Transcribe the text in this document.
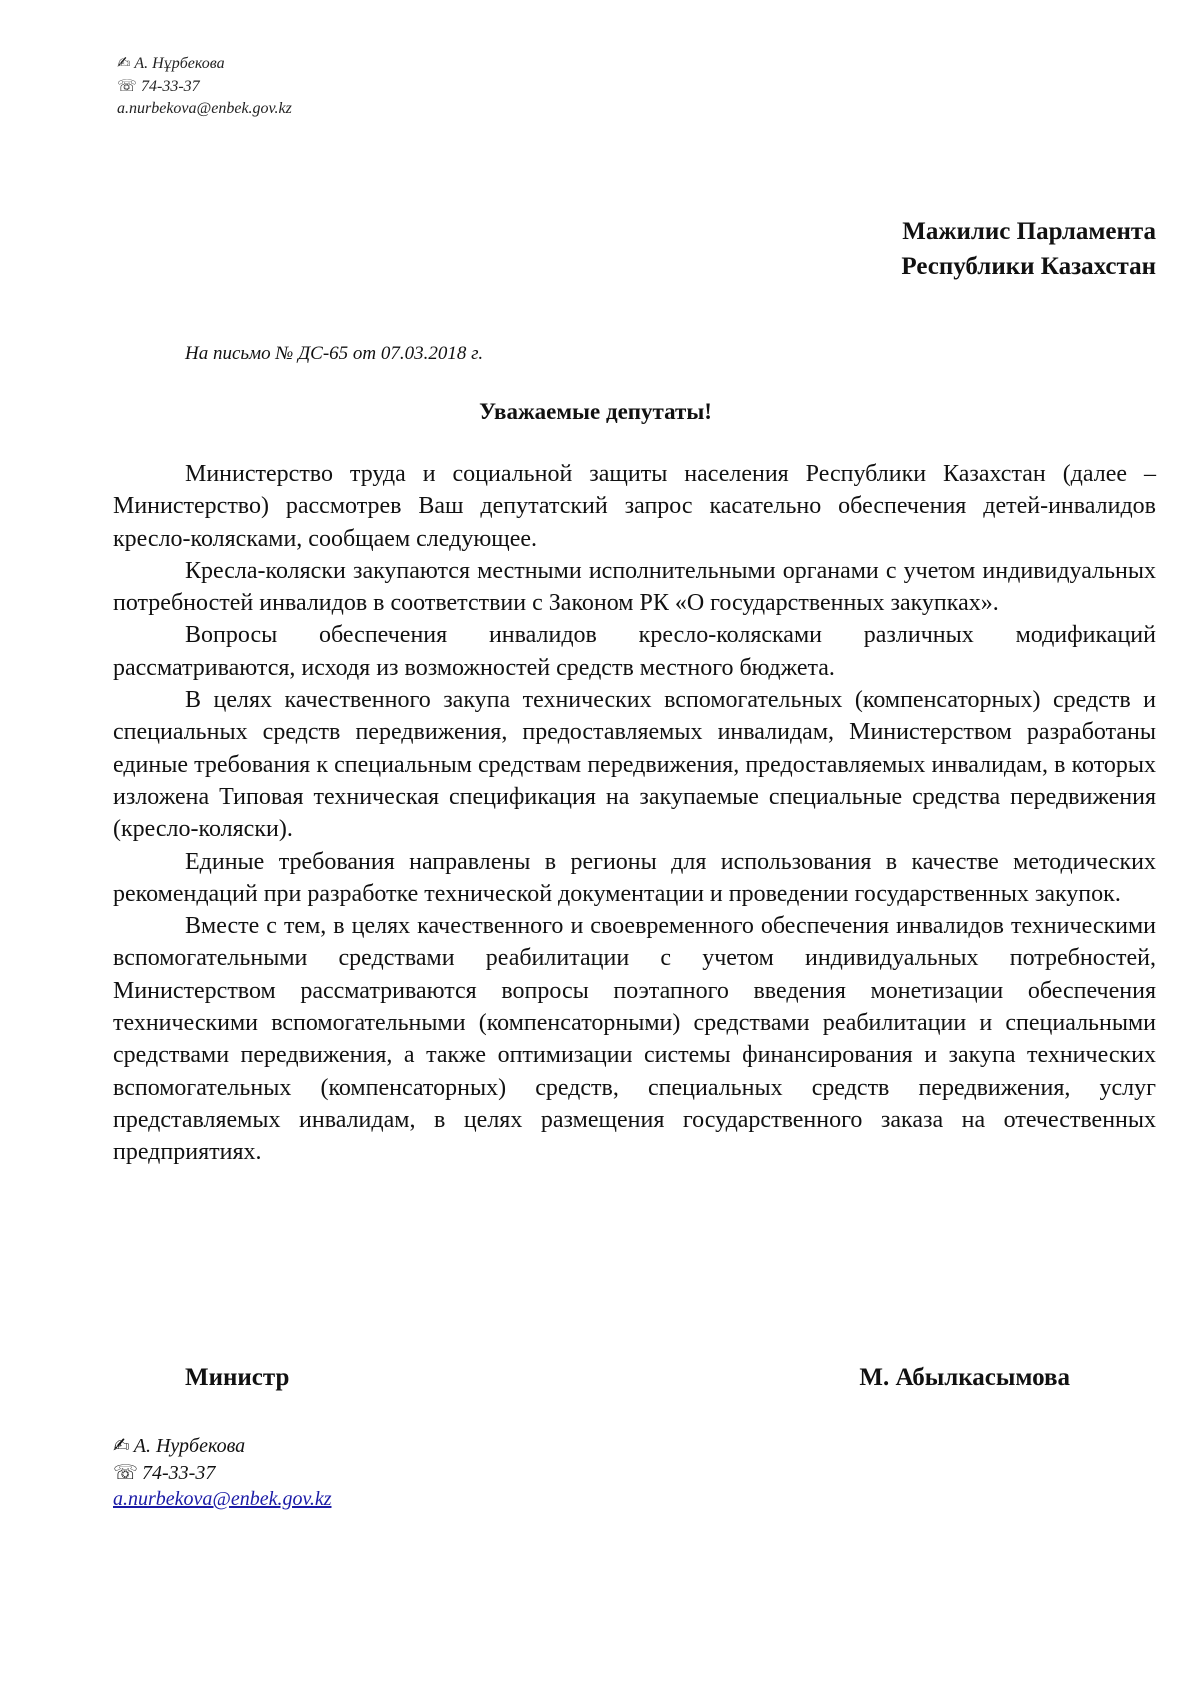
✍ А. Нұрбекова
☏ 74-33-37
a.nurbekova@enbek.gov.kz
Мажилис Парламента
Республики Казахстан
На письмо № ДС-65 от 07.03.2018 г.
Уважаемые депутаты!

Министерство труда и социальной защиты населения Республики Казахстан (далее – Министерство) рассмотрев Ваш депутатский запрос касательно обеспечения детей-инвалидов кресло-колясками, сообщаем следующее.

Кресла-коляски закупаются местными исполнительными органами с учетом индивидуальных потребностей инвалидов в соответствии с Законом РК «О государственных закупках».

Вопросы обеспечения инвалидов кресло-колясками различных модификаций рассматриваются, исходя из возможностей средств местного бюджета.

В целях качественного закупа технических вспомогательных (компенсаторных) средств и специальных средств передвижения, предоставляемых инвалидам, Министерством разработаны единые требования к специальным средствам передвижения, предоставляемых инвалидам, в которых изложена Типовая техническая спецификация на закупаемые специальные средства передвижения (кресло-коляски).

Единые требования направлены в регионы для использования в качестве методических рекомендаций при разработке технической документации и проведении государственных закупок.

Вместе с тем, в целях качественного и своевременного обеспечения инвалидов техническими вспомогательными средствами реабилитации с учетом индивидуальных потребностей, Министерством рассматриваются вопросы поэтапного введения монетизации обеспечения техническими вспомогательными (компенсаторными) средствами реабилитации и специальными средствами передвижения, а также оптимизации системы финансирования и закупа технических вспомогательных (компенсаторных) средств, специальных средств передвижения, услуг представляемых инвалидам, в целях размещения государственного заказа на отечественных предприятиях.

Министр	М. Абылкасымова
✍ А. Нурбекова
☏ 74-33-37
a.nurbekova@enbek.gov.kz
